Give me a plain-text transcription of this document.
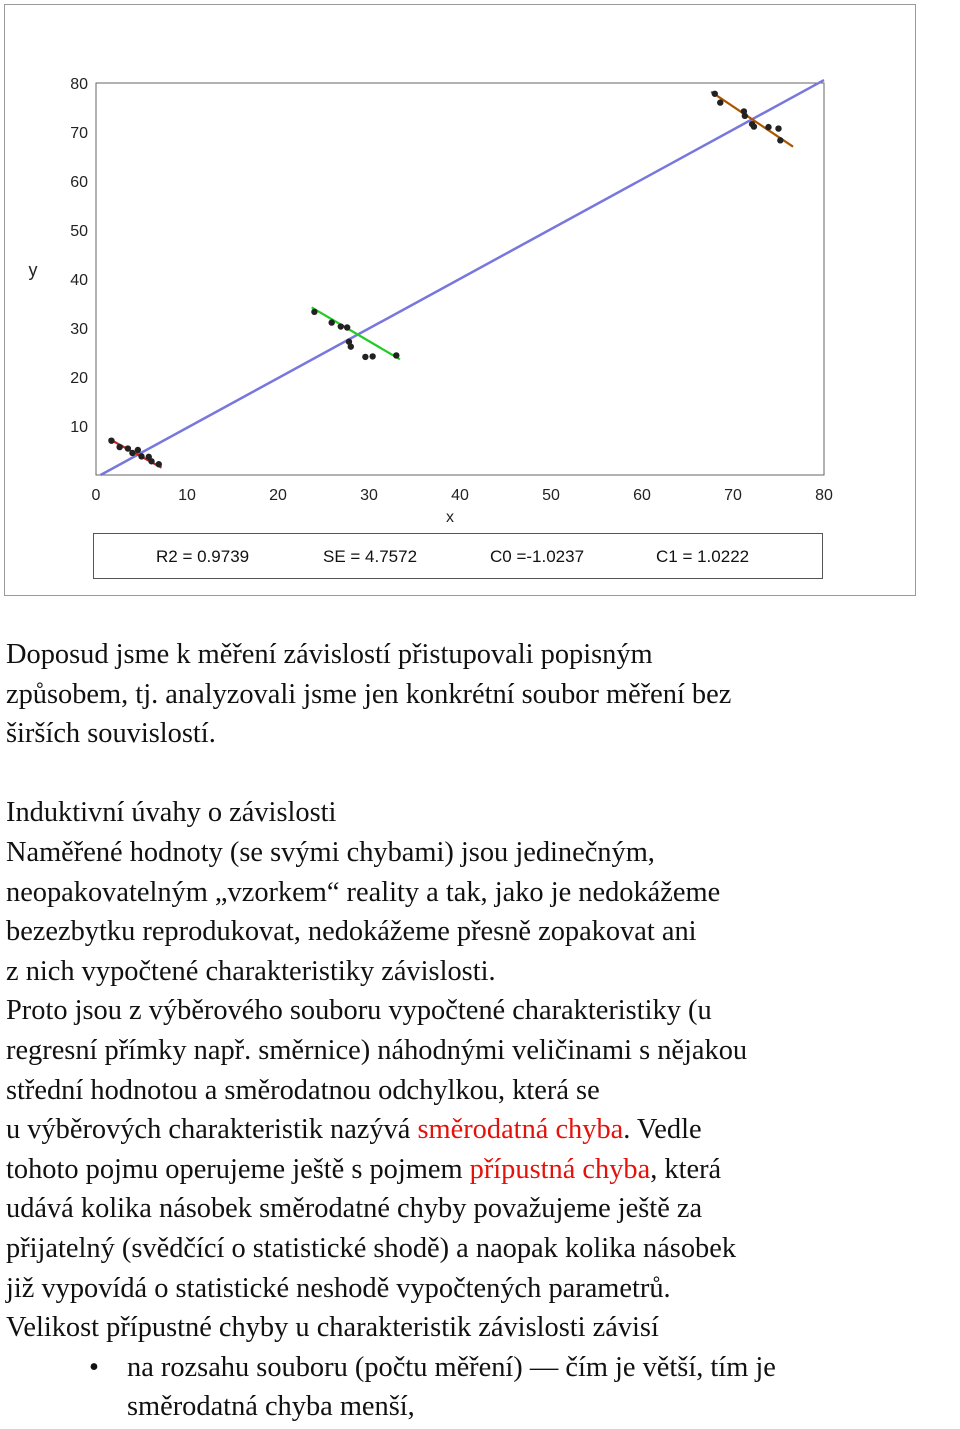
0	10	20	30	40	50	60	70	80
10
20
30
40
50
60
70
80
x
y
R2 = 0.9739	SE = 4.7572	C0 =-1.0237	C1 = 1.0222

Doposud jsme k měření závislostí přistupovali popisným

způsobem, tj. analyzovali jsme jen konkrétní soubor měření bez

širších souvislostí.

Induktivní úvahy o závislosti

Naměřené hodnoty (se svými chybami) jsou jedinečným,

neopakovatelným „vzorkem“ reality a tak, jako je nedokážeme

bezezbytku reprodukovat, nedokážeme přesně zopakovat ani

z nich vypočtené charakteristiky závislosti.

Proto jsou z výběrového souboru vypočtené charakteristiky (u

regresní přímky např. směrnice) náhodnými veličinami s nějakou

střední hodnotou a směrodatnou odchylkou, která se

u výběrových charakteristik nazývá směrodatná chyba. Vedle

tohoto pojmu operujeme ještě s pojmem přípustná chyba, která

udává kolika násobek směrodatné chyby považujeme ještě za

přijatelný (svědčící o statistické shodě) a naopak kolika násobek

již vypovídá o statistické neshodě vypočtených parametrů.

Velikost přípustné chyby u charakteristik závislosti závisí

• na rozsahu souboru (počtu měření) — čím je větší, tím je

směrodatná chyba menší,
